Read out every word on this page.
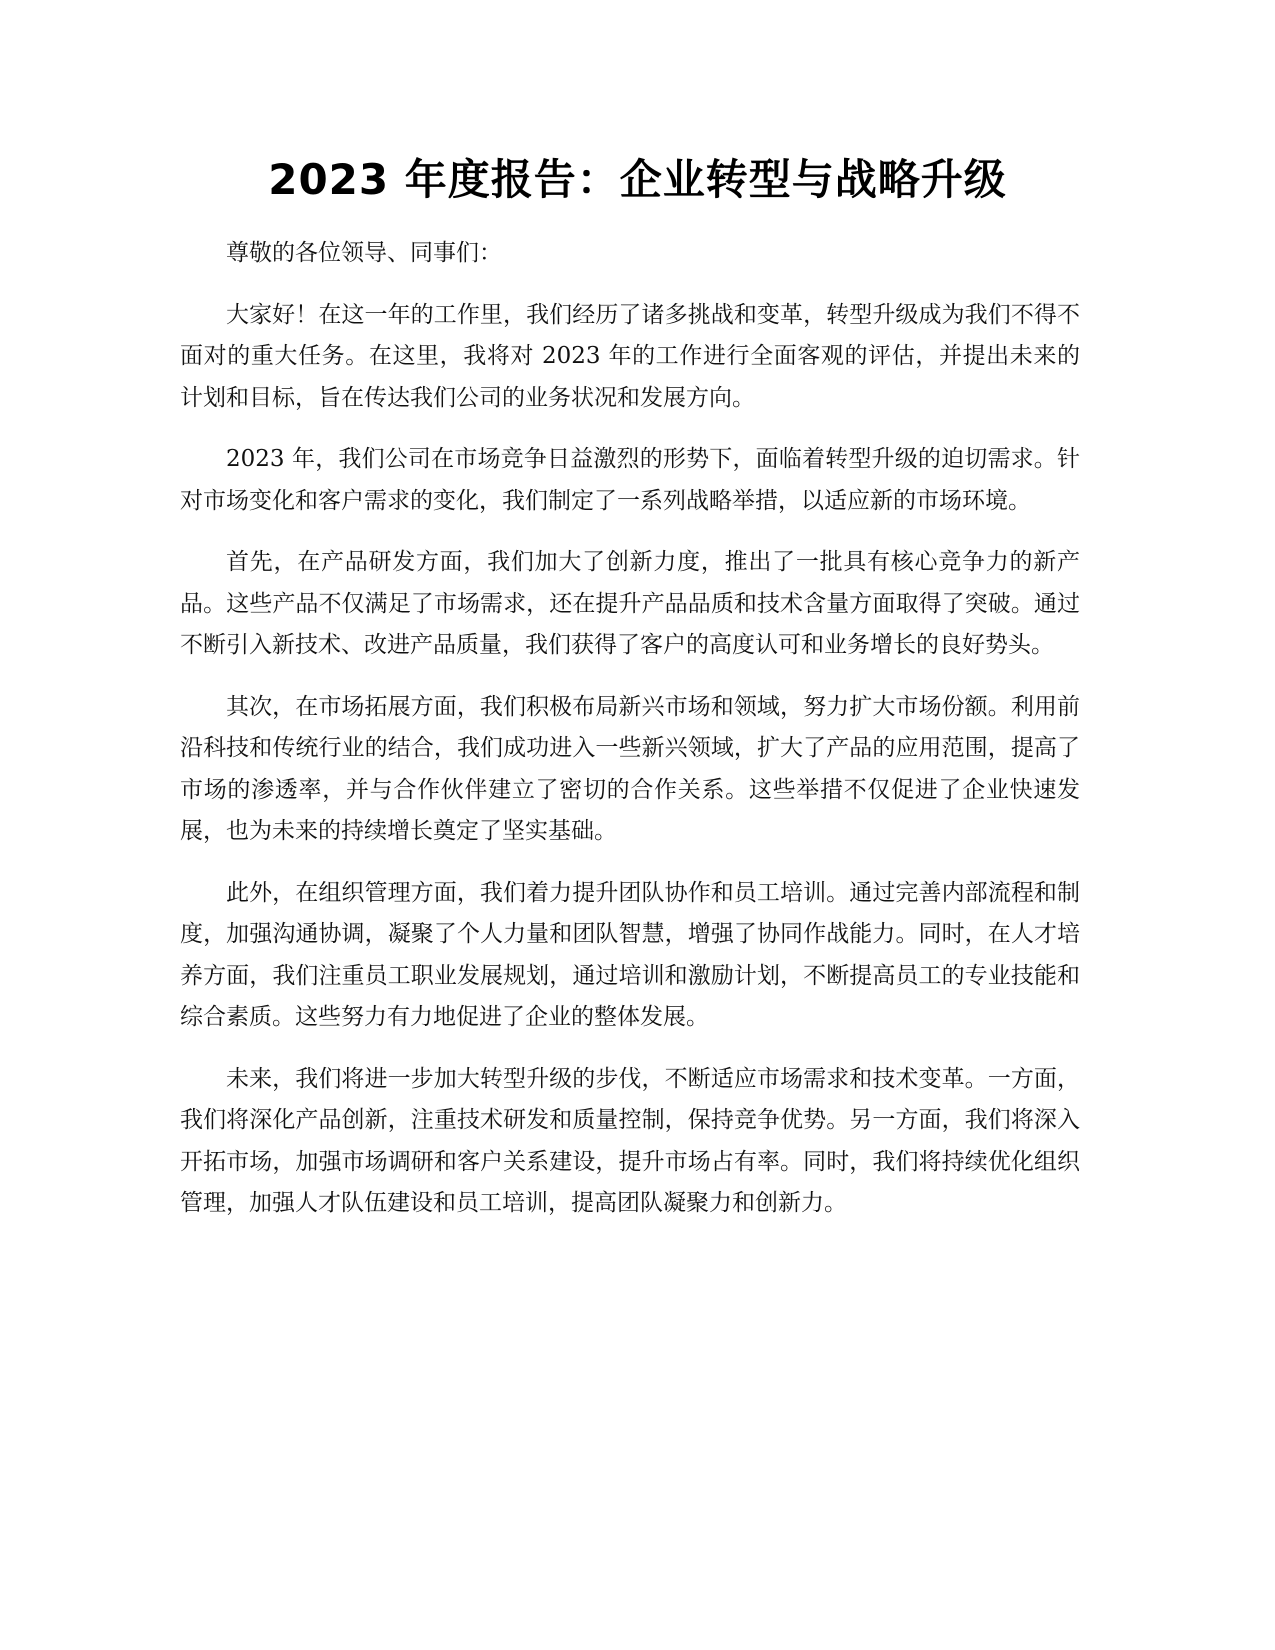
2023 年度报告：企业转型与战略升级

尊敬的各位领导、同事们：

大家好！在这一年的工作里，我们经历了诸多挑战和变革，转型升级成为我们不得不面对的重大任务。在这里，我将对 2023 年的工作进行全面客观的评估，并提出未来的计划和目标，旨在传达我们公司的业务状况和发展方向。

2023 年，我们公司在市场竞争日益激烈的形势下，面临着转型升级的迫切需求。针对市场变化和客户需求的变化，我们制定了一系列战略举措，以适应新的市场环境。

首先，在产品研发方面，我们加大了创新力度，推出了一批具有核心竞争力的新产品。这些产品不仅满足了市场需求，还在提升产品品质和技术含量方面取得了突破。通过不断引入新技术、改进产品质量，我们获得了客户的高度认可和业务增长的良好势头。

其次，在市场拓展方面，我们积极布局新兴市场和领域，努力扩大市场份额。利用前沿科技和传统行业的结合，我们成功进入一些新兴领域，扩大了产品的应用范围，提高了市场的渗透率，并与合作伙伴建立了密切的合作关系。这些举措不仅促进了企业快速发展，也为未来的持续增长奠定了坚实基础。

此外，在组织管理方面，我们着力提升团队协作和员工培训。通过完善内部流程和制度，加强沟通协调，凝聚了个人力量和团队智慧，增强了协同作战能力。同时，在人才培养方面，我们注重员工职业发展规划，通过培训和激励计划，不断提高员工的专业技能和综合素质。这些努力有力地促进了企业的整体发展。

未来，我们将进一步加大转型升级的步伐，不断适应市场需求和技术变革。一方面，我们将深化产品创新，注重技术研发和质量控制，保持竞争优势。另一方面，我们将深入开拓市场，加强市场调研和客户关系建设，提升市场占有率。同时，我们将持续优化组织管理，加强人才队伍建设和员工培训，提高团队凝聚力和创新力。
